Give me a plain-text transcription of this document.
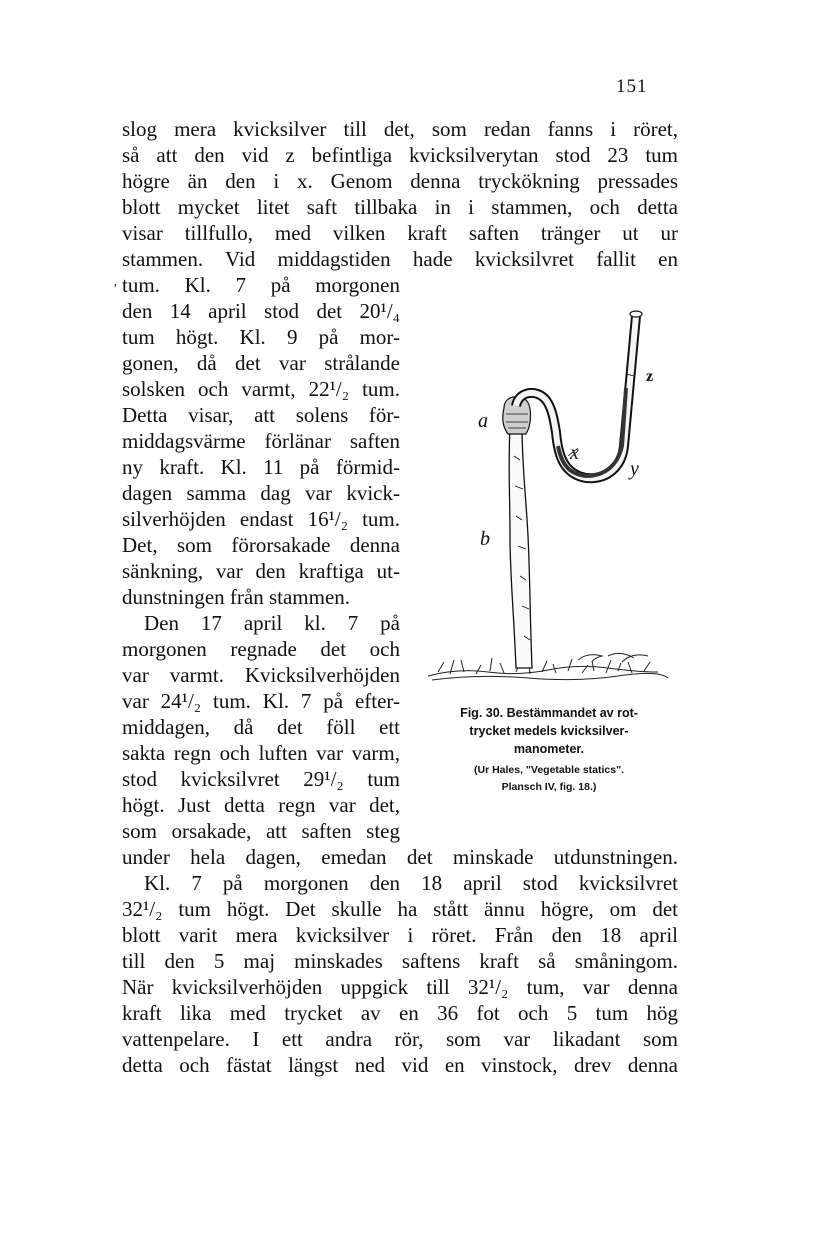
151
slog mera kvicksilver till det, som redan fanns i röret,
så att den vid z befintliga kvicksilverytan stod 23 tum
högre än den i x. Genom denna tryckökning pressades
blott mycket litet saft tillbaka in i stammen, och detta
visar tillfullo, med vilken kraft saften tränger ut ur
stammen. Vid middagstiden hade kvicksilvret fallit en
tum. Kl. 7 på morgonen
den 14 april stod det 20¹/₄
tum högt. Kl. 9 på mor-
gonen, då det var strålande
solsken och varmt, 22¹/₂ tum.
Detta visar, att solens för-
middagsvärme förlänar saften
ny kraft. Kl. 11 på förmid-
dagen samma dag var kvick-
silverhöjden endast 16¹/₂ tum.
Det, som förorsakade denna
sänkning, var den kraftiga ut-
dunstningen från stammen.
Den 17 april kl. 7 på
morgonen regnade det och
var varmt. Kvicksilverhöjden
var 24¹/₂ tum. Kl. 7 på efter-
middagen, då det föll ett
sakta regn och luften var varm,
stod kvicksilvret 29¹/₂ tum
högt. Just detta regn var det,
som orsakade, att saften steg
under hela dagen, emedan det minskade utdunstningen.
Kl. 7 på morgonen den 18 april stod kvicksilvret
32¹/₂ tum högt. Det skulle ha stått ännu högre, om det
blott varit mera kvicksilver i röret. Från den 18 april
till den 5 maj minskades saftens kraft så småningom.
När kvicksilverhöjden uppgick till 32¹/₂ tum, var denna
kraft lika med trycket av en 36 fot och 5 tum hög
vattenpelare. I ett andra rör, som var likadant som
detta och fästat längst ned vid en vinstock, drev denna
'
a
b
x
y
z
Fig. 30. Bestämmandet av rot-
trycket medels kvicksilver-
manometer.
(Ur Hales, "Vegetable statics".
Plansch IV, fig. 18.)
